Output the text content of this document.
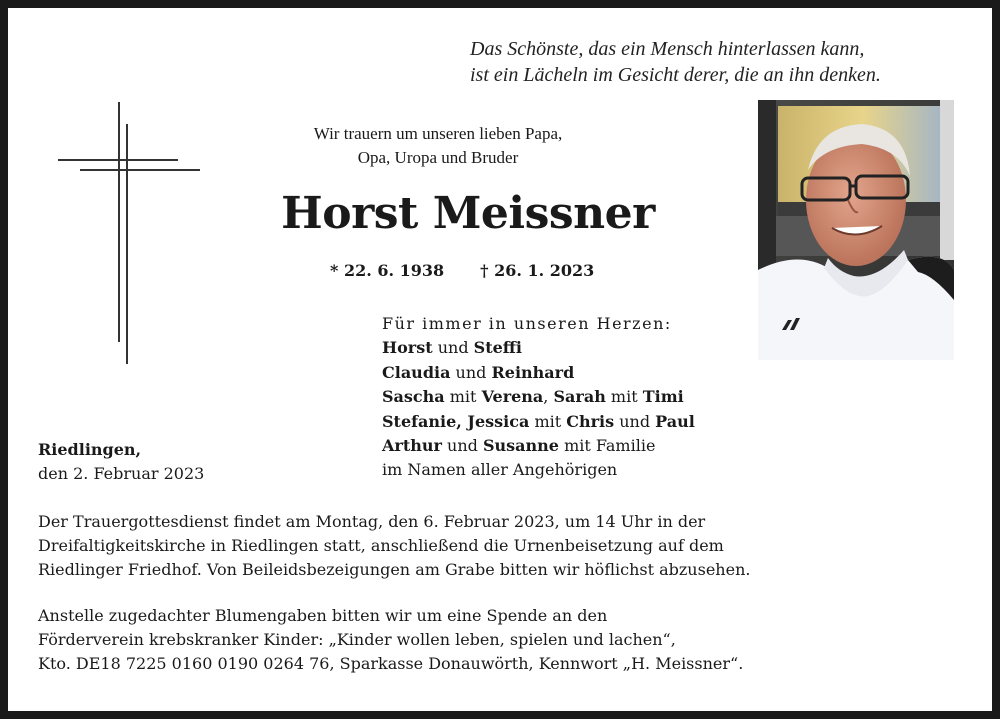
Das Schönste, das ein Mensch hinterlassen kann,
ist ein Lächeln im Gesicht derer, die an ihn denken.
Wir trauern um unseren lieben Papa,
Opa, Uropa und Bruder
Horst Meissner
* 22. 6. 1938 † 26. 1. 2023
Für immer in unseren Herzen:
Horst und Steffi
Claudia und Reinhard
Sascha mit Verena, Sarah mit Timi
Stefanie, Jessica mit Chris und Paul
Arthur und Susanne mit Familie
im Namen aller Angehörigen
Riedlingen,
den 2. Februar 2023

Der Trauergottesdienst findet am Montag, den 6. Februar 2023, um 14 Uhr in der
Dreifaltigkeitskirche in Riedlingen statt, anschließend die Urnenbeisetzung auf dem
Riedlinger Friedhof. Von Beileidsbezeigungen am Grabe bitten wir höflichst abzusehen.

Anstelle zugedachter Blumengaben bitten wir um eine Spende an den
Förderverein krebskranker Kinder: „Kinder wollen leben, spielen und lachen“,
Kto. DE18 7225 0160 0190 0264 76, Sparkasse Donauwörth, Kennwort „H. Meissner“.
